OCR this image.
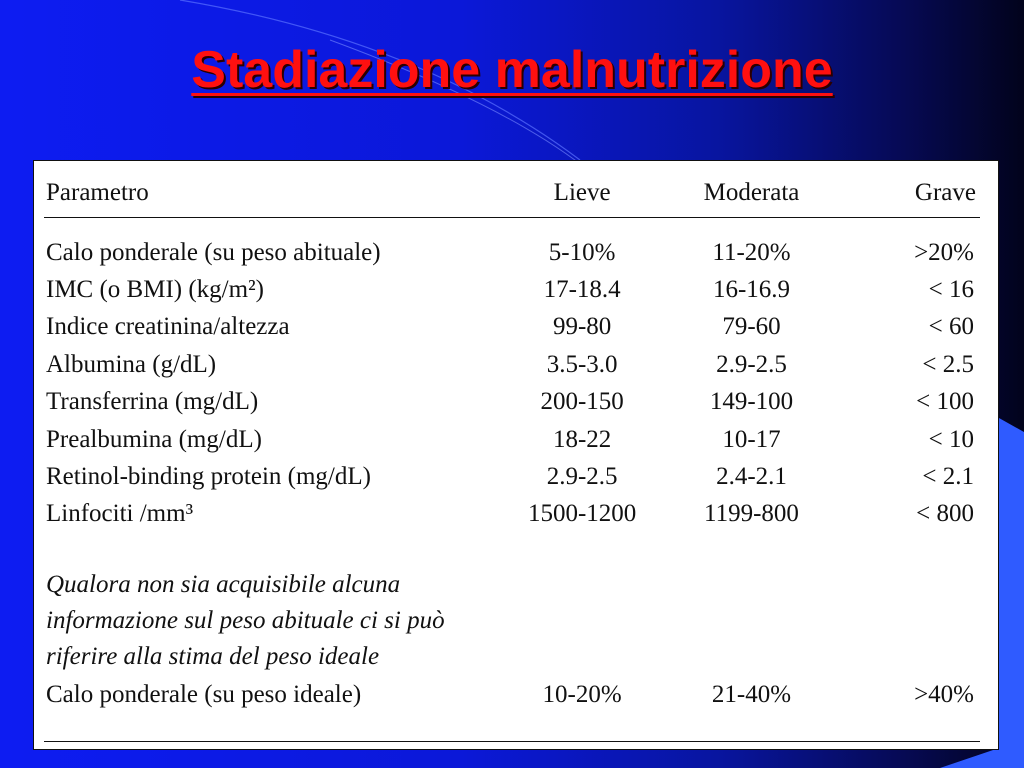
Stadiazione malnutrizione
Parametro	Lieve	Moderata	Grave

Calo ponderale (su peso abituale)	5-10%	11-20%	>20%
IMC (o BMI) (kg/m²)	17-18.4	16-16.9	< 16
Indice creatinina/altezza	99-80	79-60	< 60
Albumina (g/dL)	3.5-3.0	2.9-2.5	< 2.5
Transferrina (mg/dL)	200-150	149-100	< 100
Prealbumina (mg/dL)	18-22	10-17	< 10
Retinol-binding protein (mg/dL)	2.9-2.5	2.4-2.1	< 2.1
Linfociti /mm³	1500-1200	1199-800	< 800

Qualora non sia acquisibile alcuna			
informazione sul peso abituale ci si può			
riferire alla stima del peso ideale			
Calo ponderale (su peso ideale)	10-20%	21-40%	>40%
